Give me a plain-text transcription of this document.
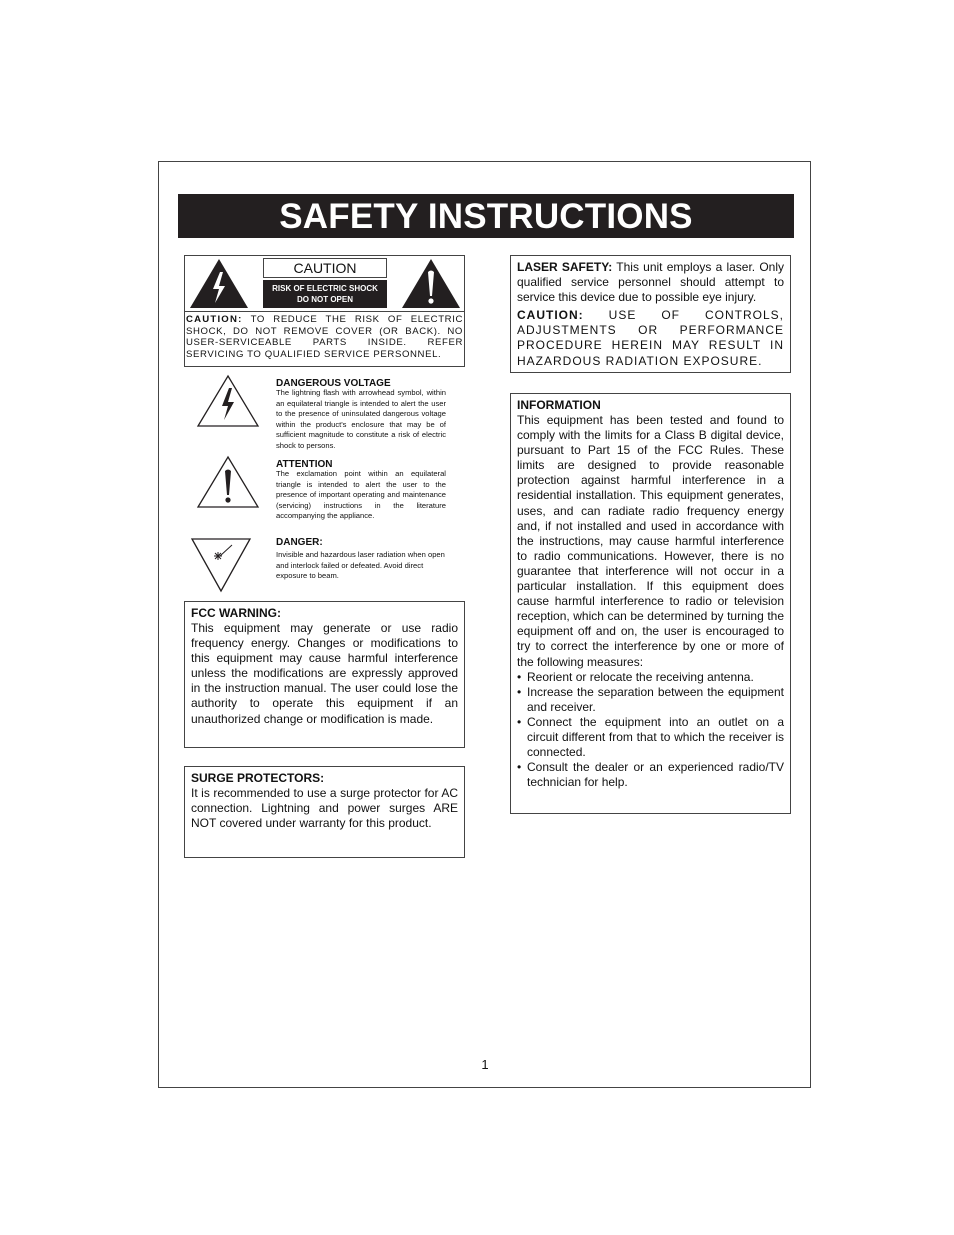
SAFETY INSTRUCTIONS
CAUTION
RISK OF ELECTRIC SHOCK
DO NOT OPEN
CAUTION: TO REDUCE THE RISK OF ELECTRIC SHOCK, DO NOT REMOVE COVER (OR BACK). NO USER-SERVICEABLE PARTS INSIDE. REFER SERVICING TO QUALIFIED SERVICE PERSONNEL.
DANGEROUS VOLTAGE
The lightning flash with arrowhead symbol, within an equilateral triangle is intended to alert the user to the presence of uninsulated dangerous voltage within the product's enclosure that may be of sufficient magnitude to constitute a risk of electric shock to persons.
ATTENTION
The exclamation point within an equilateral triangle is intended to alert the user to the presence of important operating and maintenance (servicing) instructions in the literature accompanying the appliance.
DANGER:
Invisible and hazardous laser radiation when open and interlock failed or defeated. Avoid direct exposure to beam.
FCC WARNING:
This equipment may generate or use radio frequency energy. Changes or modifications to this equipment may cause harmful interference unless the modifications are expressly approved in the instruction manual. The user could lose the authority to operate this equipment if an unauthorized change or modification is made.
SURGE PROTECTORS:
It is recommended to use a surge protector for AC connection. Lightning and power surges ARE NOT covered under warranty for this product.
LASER SAFETY: This unit employs a laser. Only qualified service personnel should attempt to service this device due to possible eye injury.
CAUTION: USE OF CONTROLS, ADJUSTMENTS OR PERFORMANCE PROCEDURE HEREIN MAY RESULT IN HAZARDOUS RADIATION EXPOSURE.
INFORMATION
This equipment has been tested and found to comply with the limits for a Class B digital device, pursuant to Part 15 of the FCC Rules. These limits are designed to provide reasonable protection against harmful interference in a residential installation. This equipment generates, uses, and can radiate radio frequency energy and, if not installed and used in accordance with the instructions, may cause harmful interference to radio communications. However, there is no guarantee that interference will not occur in a particular installation. If this equipment does cause harmful interference to radio or television reception, which can be determined by turning the equipment off and on, the user is encouraged to try to correct the interference by one or more of the following measures:
• Reorient or relocate the receiving antenna.
• Increase the separation between the equipment and receiver.
• Connect the equipment into an outlet on a circuit different from that to which the receiver is connected.
• Consult the dealer or an experienced radio/TV technician for help.
1
